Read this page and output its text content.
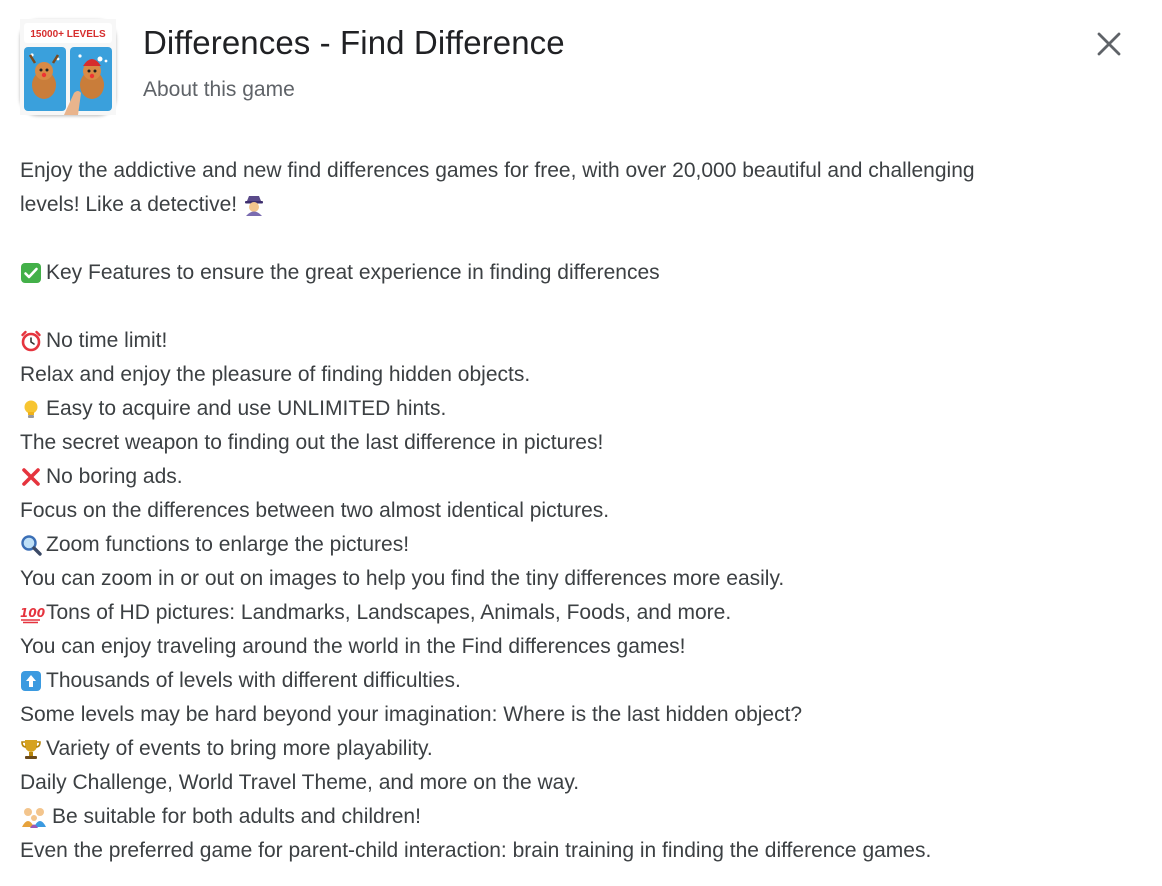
15000+ LEVELS Differences - Find Difference
About this game
Enjoy the addictive and new find differences games for free, with over 20,000 beautiful and challenging
levels! Like a detective!
Key Features to ensure the great experience in finding differences
No time limit!
Relax and enjoy the pleasure of finding hidden objects.
Easy to acquire and use UNLIMITED hints.
The secret weapon to finding out the last difference in pictures!
No boring ads.
Focus on the differences between two almost identical pictures.
Zoom functions to enlarge the pictures!
You can zoom in or out on images to help you find the tiny differences more easily.
100 Tons of HD pictures: Landmarks, Landscapes, Animals, Foods, and more.
You can enjoy traveling around the world in the Find differences games!
Thousands of levels with different difficulties.
Some levels may be hard beyond your imagination: Where is the last hidden object?
Variety of events to bring more playability.
Daily Challenge, World Travel Theme, and more on the way.
Be suitable for both adults and children!
Even the preferred game for parent-child interaction: brain training in finding the difference games.
